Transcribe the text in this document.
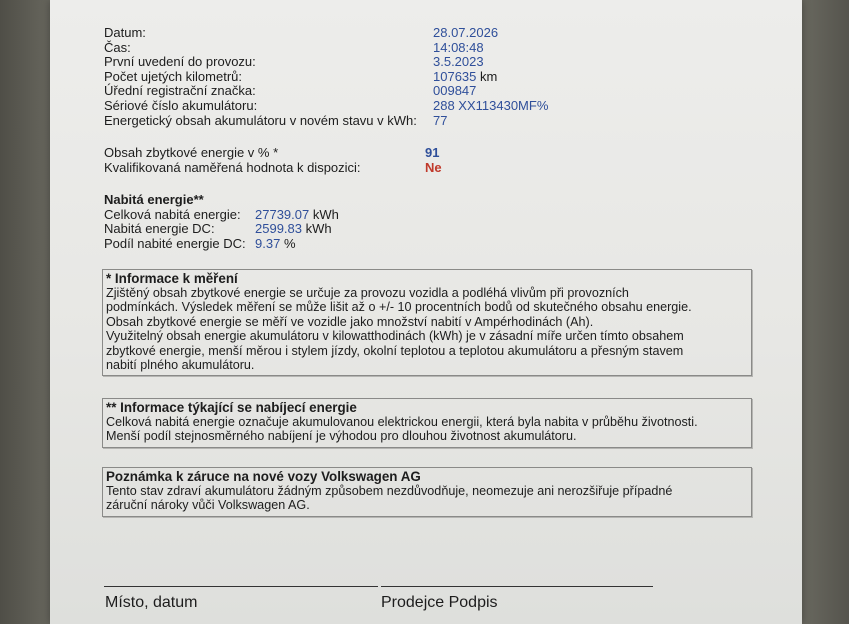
Datum:	28.07.2026
Čas:	14:08:48
První uvedení do provozu:	3.5.2023
Počet ujetých kilometrů:	107635 km
Úřední registrační značka:	009847
Sériové číslo akumulátoru:	288 XX113430MF%
Energetický obsah akumulátoru v novém stavu v kWh: 77
Obsah zbytkové energie v % *	91
Kvalifikovaná naměřená hodnota k dispozici:	Ne
Nabitá energie**
Celková nabitá energie: 27739.07 kWh
Nabitá energie DC:	2599.83 kWh
Podíl nabité energie DC: 9.37 %
* Informace k měření

Zjištěný obsah zbytkové energie se určuje za provozu vozidla a podléhá vlivům při provozních

podmínkách. Výsledek měření se může lišit až o +/- 10 procentních bodů od skutečného obsahu energie.

Obsah zbytkové energie se měří ve vozidle jako množství nabití v Ampérhodinách (Ah).

Využitelný obsah energie akumulátoru v kilowatthodinách (kWh) je v zásadní míře určen tímto obsahem

zbytkové energie, menší měrou i stylem jízdy, okolní teplotou a teplotou akumulátoru a přesným stavem

nabití plného akumulátoru.

** Informace týkající se nabíjecí energie

Celková nabitá energie označuje akumulovanou elektrickou energii, která byla nabita v průběhu životnosti.

Menší podíl stejnosměrného nabíjení je výhodou pro dlouhou životnost akumulátoru.

Poznámka k záruce na nové vozy Volkswagen AG

Tento stav zdraví akumulátoru žádným způsobem nezdůvodňuje, neomezuje ani nerozšiřuje případné

záruční nároky vůči Volkswagen AG.

Místo, datum	Prodejce Podpis
